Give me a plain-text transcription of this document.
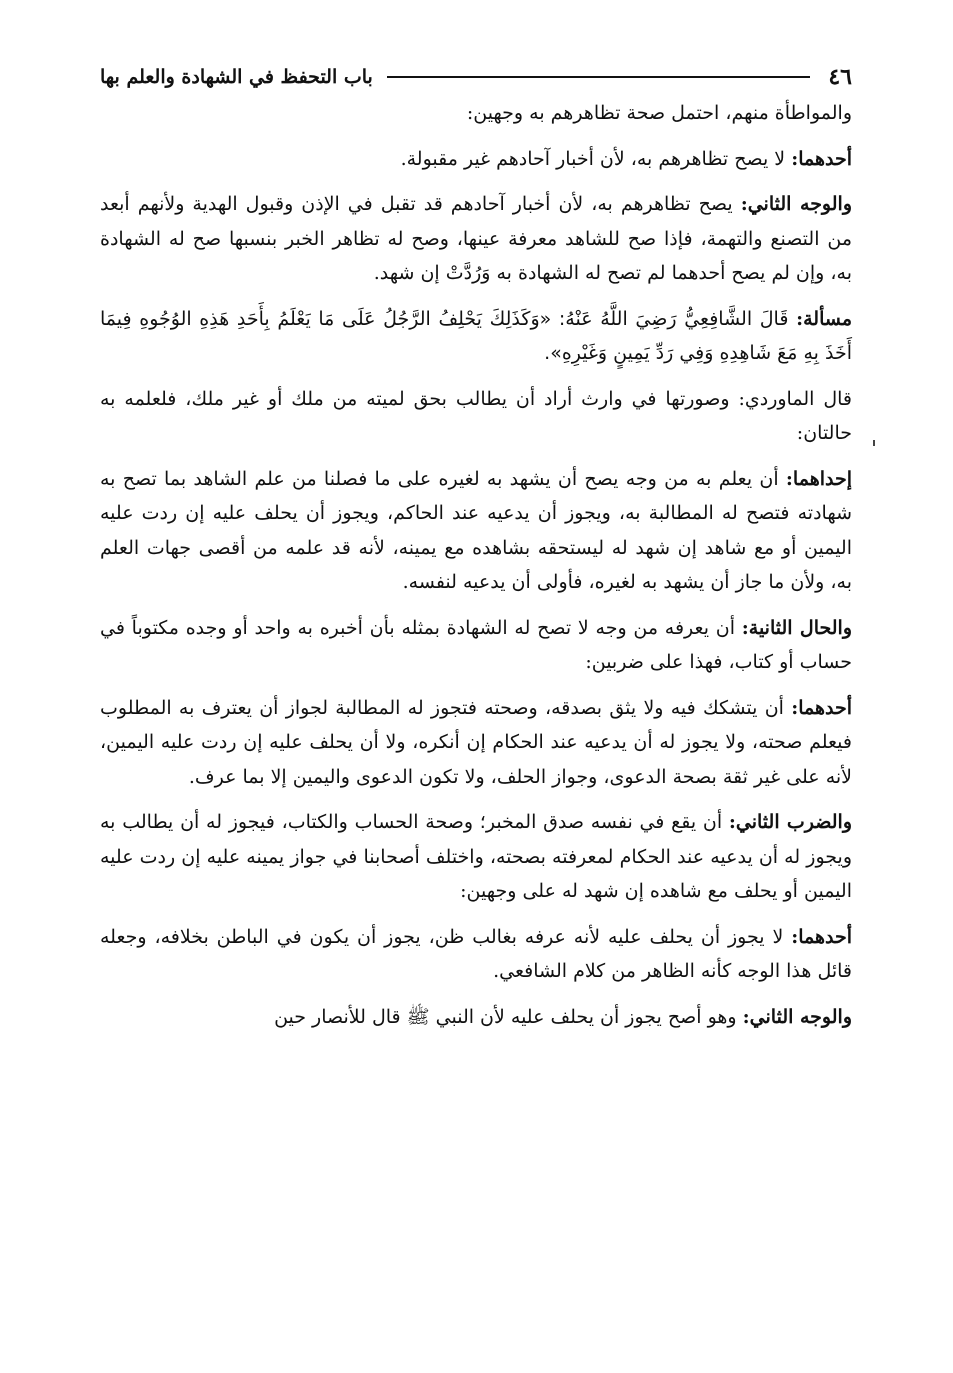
٤٦
باب التحفظ في الشهادة والعلم بها

والمواطأة منهم، احتمل صحة تظاهرهم به وجهين:

أحدهما: لا يصح تظاهرهم به، لأن أخبار آحادهم غير مقبولة.

والوجه الثاني: يصح تظاهرهم به، لأن أخبار آحادهم قد تقبل في الإذن وقبول الهدية ولأنهم أبعد من التصنع والتهمة، فإذا صح للشاهد معرفة عينها، وصح له تظاهر الخبر بنسبها صح له الشهادة به، وإن لم يصح أحدهما لم تصح له الشهادة به وَرُدَّتْ إن شهد.

مسألة: قَالَ الشَّافِعِيُّ رَضِيَ اللَّهُ عَنْهُ: «وَكَذَلِكَ يَحْلِفُ الرَّجُلُ عَلَى مَا يَعْلَمُ بِأَحَدِ هَذِهِ الوُجُوهِ فِيمَا أَخَذَ بِهِ مَعَ شَاهِدِهِ وَفِي رَدِّ يَمِينٍ وَغَيْرِهِ».

قال الماوردي: وصورتها في وارث أراد أن يطالب بحق لميته من ملك أو غير ملك، فلعلمه به حالتان:

إحداهما: أن يعلم به من وجه يصح أن يشهد به لغيره على ما فصلنا من علم الشاهد بما تصح به شهادته فتصح له المطالبة به، ويجوز أن يدعيه عند الحاكم، ويجوز أن يحلف عليه إن ردت عليه اليمين أو مع شاهد إن شهد له ليستحقه بشاهده مع يمينه، لأنه قد علمه من أقصى جهات العلم به، ولأن ما جاز أن يشهد به لغيره، فأولى أن يدعيه لنفسه.

والحال الثانية: أن يعرفه من وجه لا تصح له الشهادة بمثله بأن أخبره به واحد أو وجده مكتوباً في حساب أو كتاب، فهذا على ضربين:

أحدهما: أن يتشكك فيه ولا يثق بصدقه، وصحته فتجوز له المطالبة لجواز أن يعترف به المطلوب فيعلم صحته، ولا يجوز له أن يدعيه عند الحكام إن أنكره، ولا أن يحلف عليه إن ردت عليه اليمين، لأنه على غير ثقة بصحة الدعوى، وجواز الحلف، ولا تكون الدعوى واليمين إلا بما عرف.

والضرب الثاني: أن يقع في نفسه صدق المخبر؛ وصحة الحساب والكتاب، فيجوز له أن يطالب به ويجوز له أن يدعيه عند الحكام لمعرفته بصحته، واختلف أصحابنا في جواز يمينه عليه إن ردت عليه اليمين أو يحلف مع شاهده إن شهد له على وجهين:

أحدهما: لا يجوز أن يحلف عليه لأنه عرفه بغالب ظن، يجوز أن يكون في الباطن بخلافه، وجعله قائل هذا الوجه كأنه الظاهر من كلام الشافعي.

والوجه الثاني: وهو أصح يجوز أن يحلف عليه لأن النبي ﷺ قال للأنصار حين
